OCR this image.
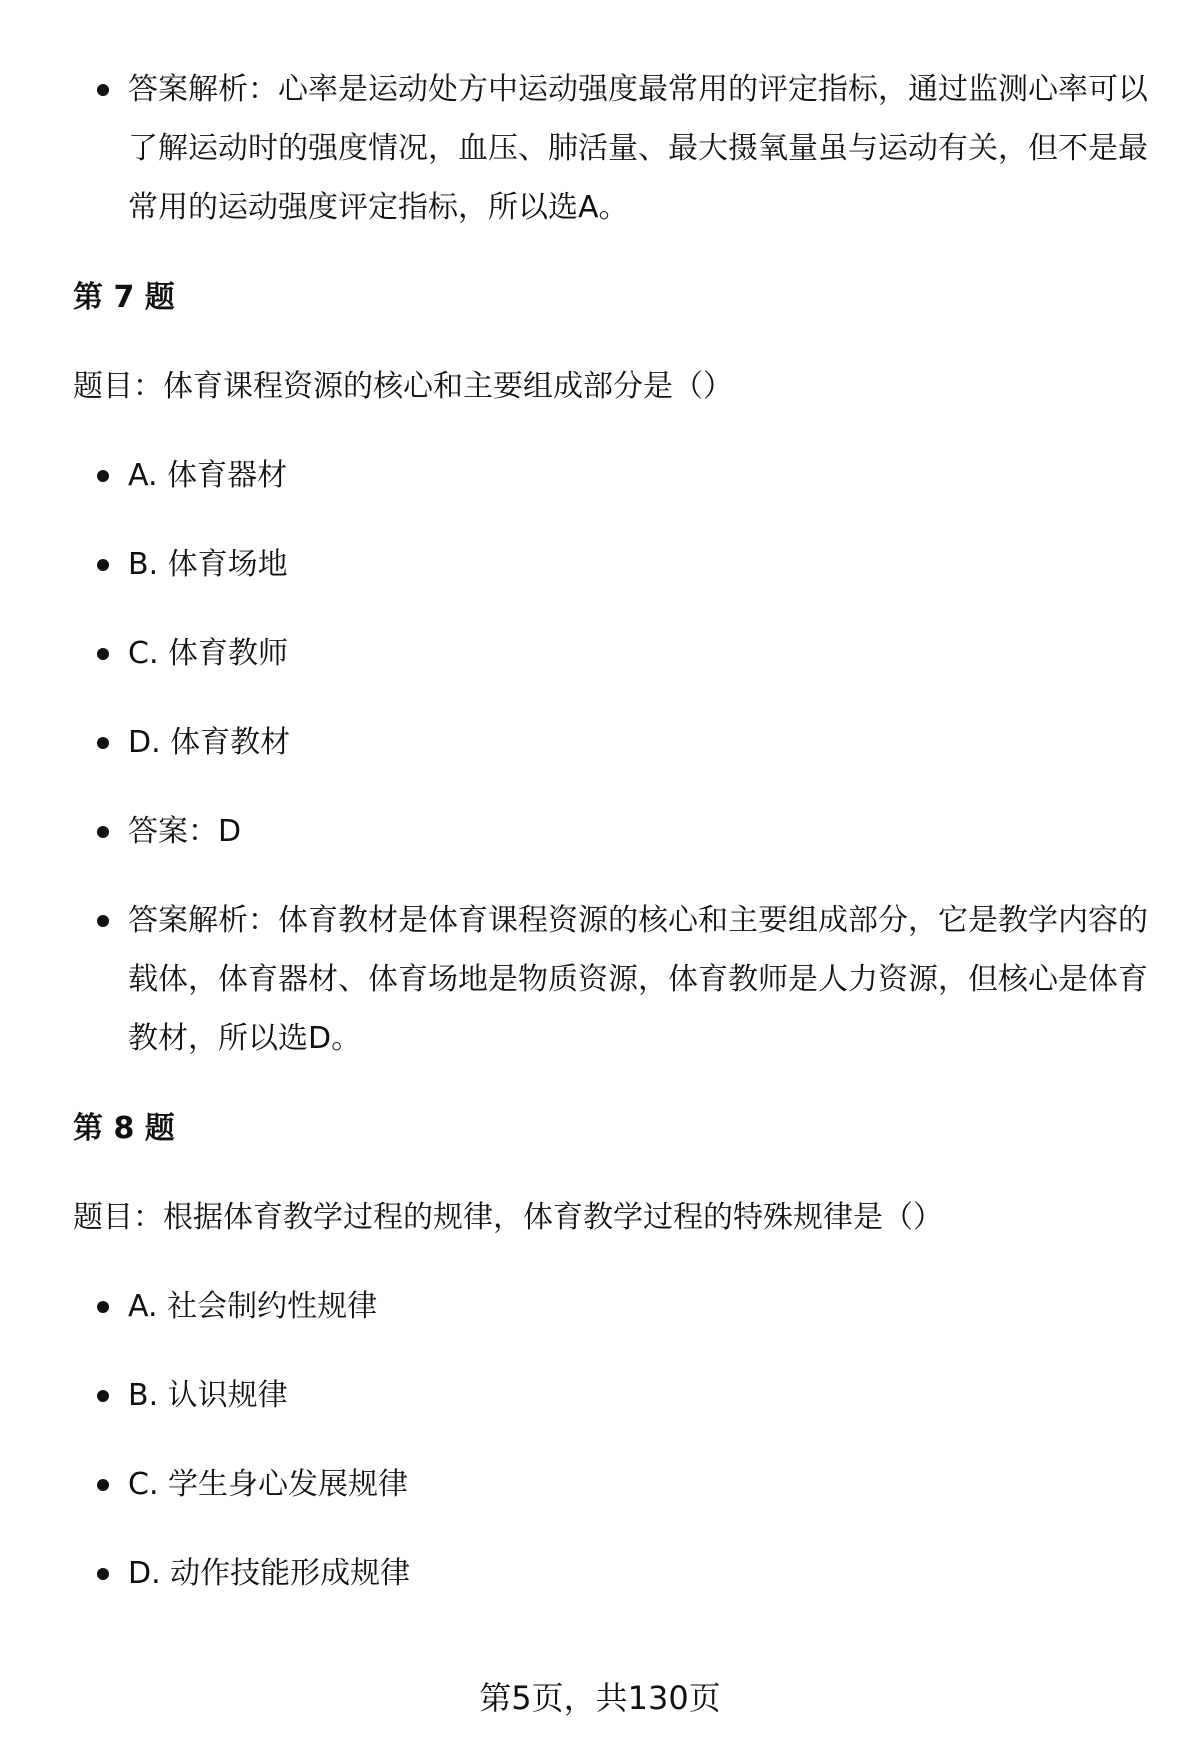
答案解析：心率是运动处方中运动强度最常用的评定指标，通过监测心率可以
了解运动时的强度情况，血压、肺活量、最大摄氧量虽与运动有关，但不是最
常用的运动强度评定指标，所以选A。
第 7 题
题目：体育课程资源的核心和主要组成部分是（）
A. 体育器材
B. 体育场地
C. 体育教师
D. 体育教材
答案：D
答案解析：体育教材是体育课程资源的核心和主要组成部分，它是教学内容的
载体，体育器材、体育场地是物质资源，体育教师是人力资源，但核心是体育
教材，所以选D。
第 8 题
题目：根据体育教学过程的规律，体育教学过程的特殊规律是（）
A. 社会制约性规律
B. 认识规律
C. 学生身心发展规律
D. 动作技能形成规律
第5页，共130页
